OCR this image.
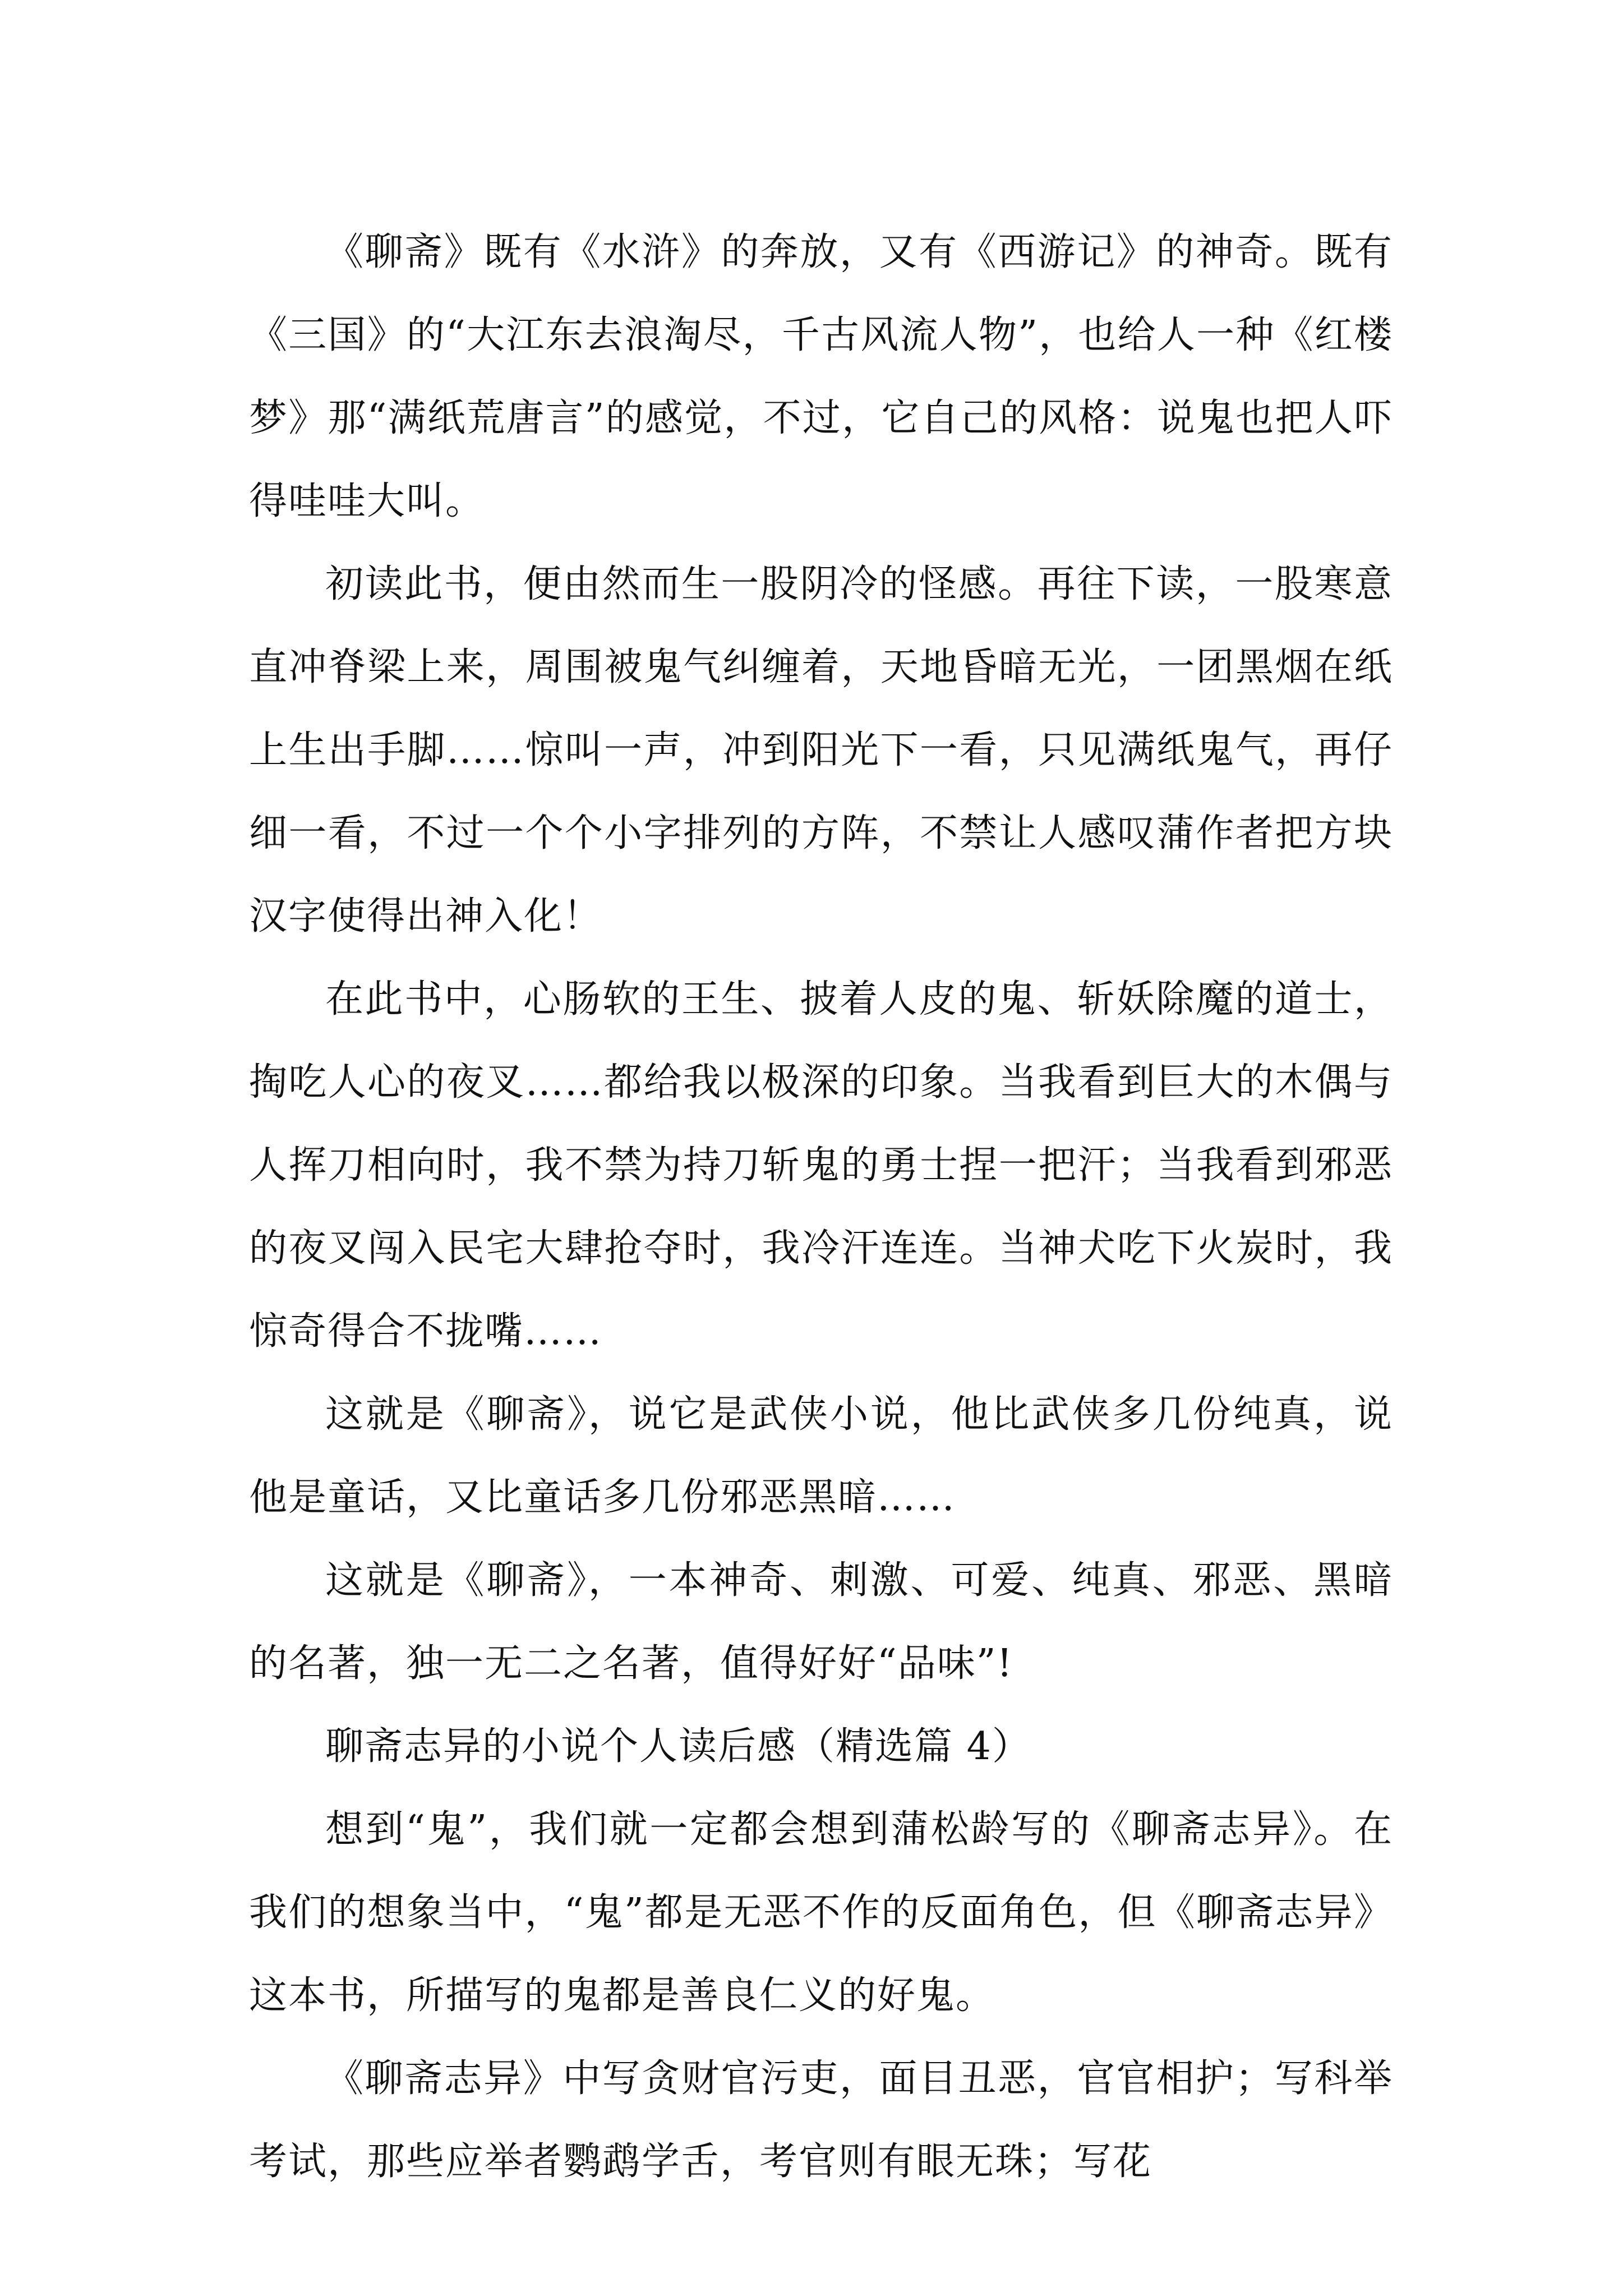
《聊斋》既有《水浒》的奔放，又有《西游记》的神奇。既有《三国》的“大江东去浪淘尽，千古风流人物”，也给人一种《红楼梦》那“满纸荒唐言”的感觉，不过，它自己的风格：说鬼也把人吓得哇哇大叫。

初读此书，便由然而生一股阴冷的怪感。再往下读，一股寒意直冲脊梁上来，周围被鬼气纠缠着，天地昏暗无光，一团黑烟在纸上生出手脚……惊叫一声，冲到阳光下一看，只见满纸鬼气，再仔细一看，不过一个个小字排列的方阵，不禁让人感叹蒲作者把方块汉字使得出神入化！

在此书中，心肠软的王生、披着人皮的鬼、斩妖除魔的道士，掏吃人心的夜叉……都给我以极深的印象。当我看到巨大的木偶与人挥刀相向时，我不禁为持刀斩鬼的勇士捏一把汗；当我看到邪恶的夜叉闯入民宅大肆抢夺时，我冷汗连连。当神犬吃下火炭时，我惊奇得合不拢嘴……

这就是《聊斋》，说它是武侠小说，他比武侠多几份纯真，说他是童话，又比童话多几份邪恶黑暗……

这就是《聊斋》，一本神奇、刺激、可爱、纯真、邪恶、黑暗的名著，独一无二之名著，值得好好“品味”!

聊斋志异的小说个人读后感（精选篇 4）

想到“鬼”，我们就一定都会想到蒲松龄写的《聊斋志异》。在我们的想象当中，“鬼”都是无恶不作的反面角色，但《聊斋志异》这本书，所描写的鬼都是善良仁义的好鬼。

《聊斋志异》中写贪财官污吏，面目丑恶，官官相护；写科举考试，那些应举者鹦鹉学舌，考官则有眼无珠；写花
